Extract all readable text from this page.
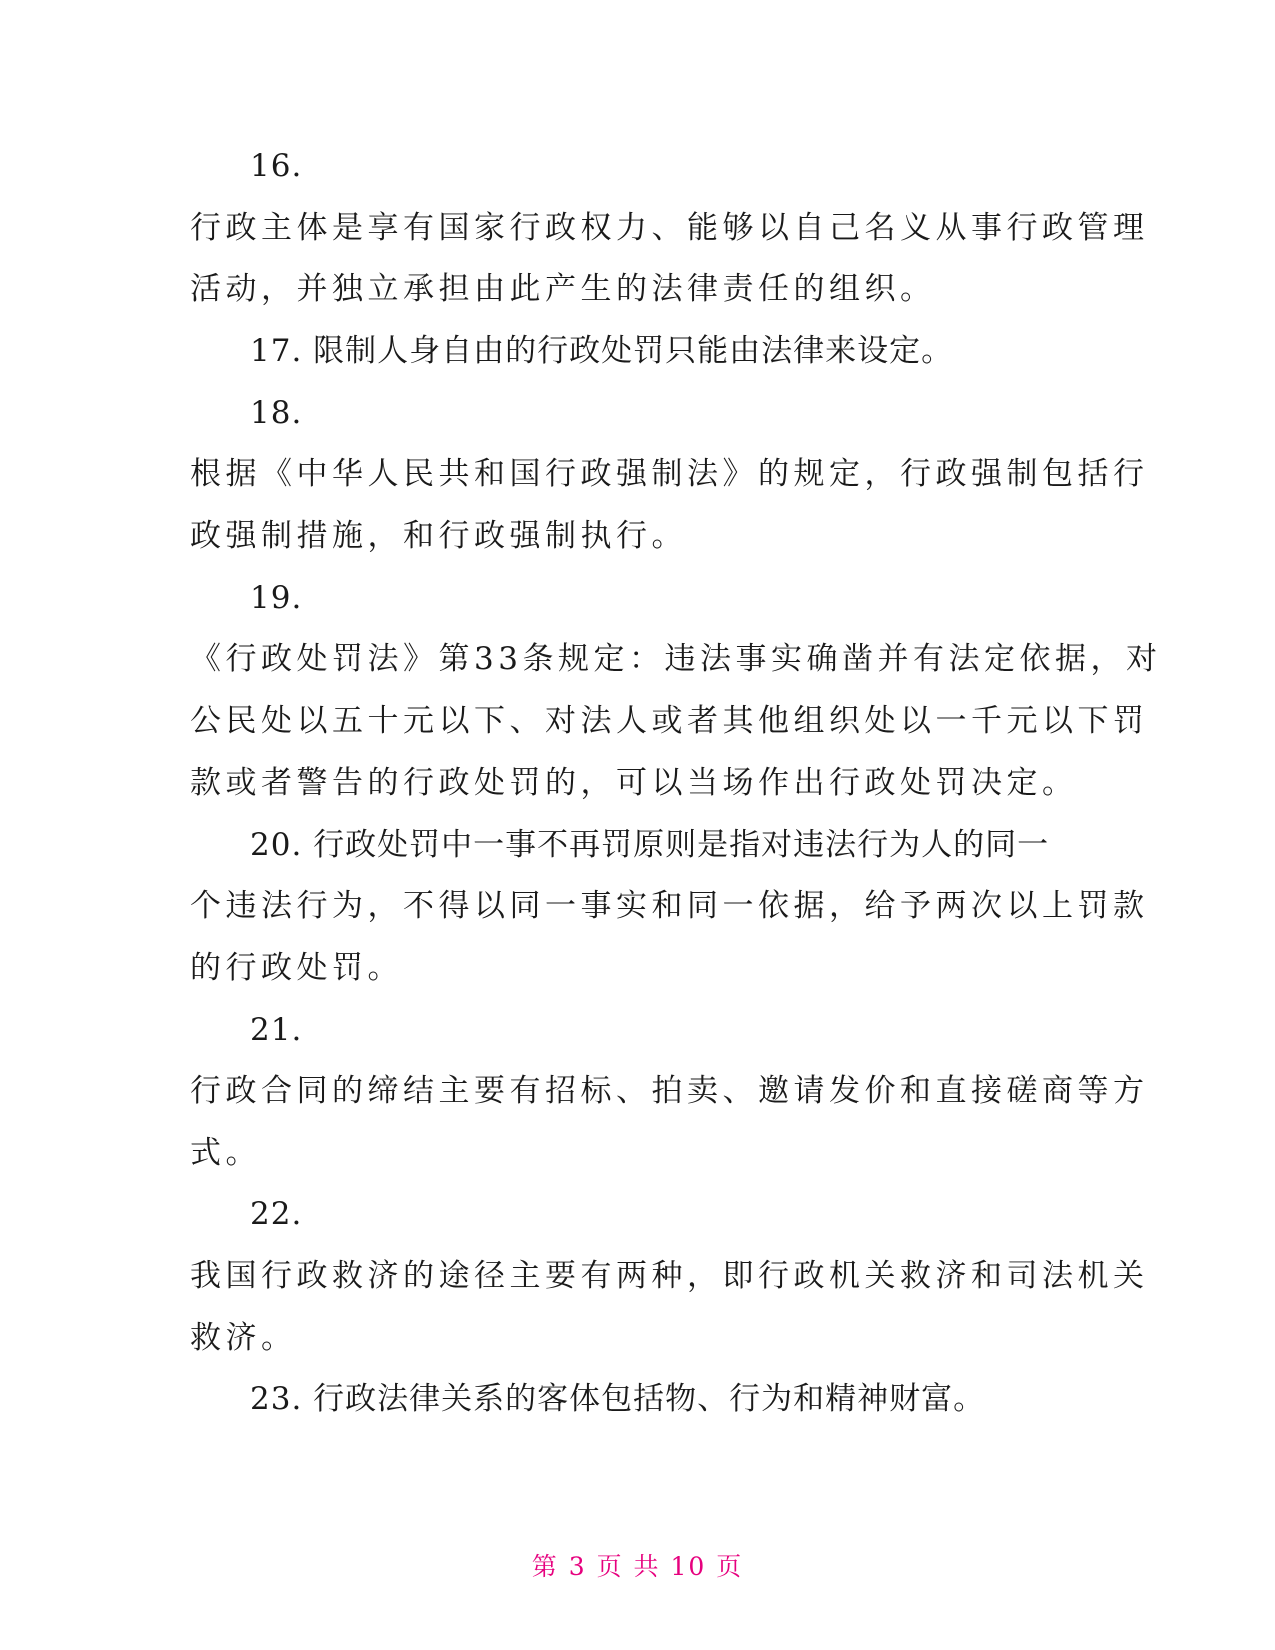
16.
行政主体是享有国家行政权力、能够以自己名义从事行政管理
活动，并独立承担由此产生的法律责任的组织。
17. 限制人身自由的行政处罚只能由法律来设定。
18.
根据《中华人民共和国行政强制法》的规定，行政强制包括行
政强制措施，和行政强制执行。
19.
《行政处罚法》第33条规定：违法事实确凿并有法定依据，对
公民处以五十元以下、对法人或者其他组织处以一千元以下罚
款或者警告的行政处罚的，可以当场作出行政处罚决定。
20. 行政处罚中一事不再罚原则是指对违法行为人的同一
个违法行为，不得以同一事实和同一依据，给予两次以上罚款
的行政处罚。
21.
行政合同的缔结主要有招标、拍卖、邀请发价和直接磋商等方
式。
22.
我国行政救济的途径主要有两种，即行政机关救济和司法机关
救济。
23. 行政法律关系的客体包括物、行为和精神财富。
第 3 页 共 10 页
